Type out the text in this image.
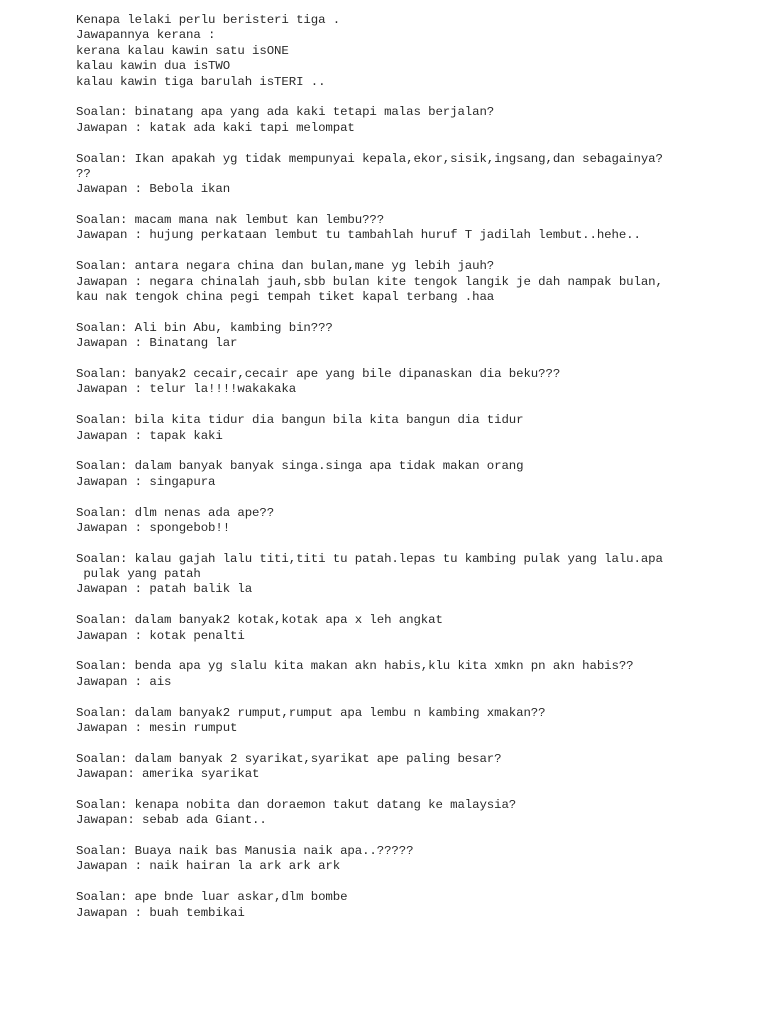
Kenapa lelaki perlu beristeri tiga .
Jawapannya kerana :
kerana kalau kawin satu isONE
kalau kawin dua isTWO
kalau kawin tiga barulah isTERI ..
Soalan: binatang apa yang ada kaki tetapi malas berjalan?
Jawapan : katak ada kaki tapi melompat
Soalan: Ikan apakah yg tidak mempunyai kepala,ekor,sisik,ingsang,dan sebagainya?
??
Jawapan : Bebola ikan
Soalan: macam mana nak lembut kan lembu???
Jawapan : hujung perkataan lembut tu tambahlah huruf T jadilah lembut..hehe..
Soalan: antara negara china dan bulan,mane yg lebih jauh?
Jawapan : negara chinalah jauh,sbb bulan kite tengok langik je dah nampak bulan,
kau nak tengok china pegi tempah tiket kapal terbang .haa
Soalan: Ali bin Abu, kambing bin???
Jawapan : Binatang lar
Soalan: banyak2 cecair,cecair ape yang bile dipanaskan dia beku???
Jawapan : telur la!!!!wakakaka
Soalan: bila kita tidur dia bangun bila kita bangun dia tidur
Jawapan : tapak kaki
Soalan: dalam banyak banyak singa.singa apa tidak makan orang
Jawapan : singapura
Soalan: dlm nenas ada ape??
Jawapan : spongebob!!
Soalan: kalau gajah lalu titi,titi tu patah.lepas tu kambing pulak yang lalu.apa
pulak yang patah
Jawapan : patah balik la
Soalan: dalam banyak2 kotak,kotak apa x leh angkat
Jawapan : kotak penalti
Soalan: benda apa yg slalu kita makan akn habis,klu kita xmkn pn akn habis??
Jawapan : ais
Soalan: dalam banyak2 rumput,rumput apa lembu n kambing xmakan??
Jawapan : mesin rumput
Soalan: dalam banyak 2 syarikat,syarikat ape paling besar?
Jawapan: amerika syarikat
Soalan: kenapa nobita dan doraemon takut datang ke malaysia?
Jawapan: sebab ada Giant..
Soalan: Buaya naik bas Manusia naik apa..?????
Jawapan : naik hairan la ark ark ark
Soalan: ape bnde luar askar,dlm bombe
Jawapan : buah tembikai
